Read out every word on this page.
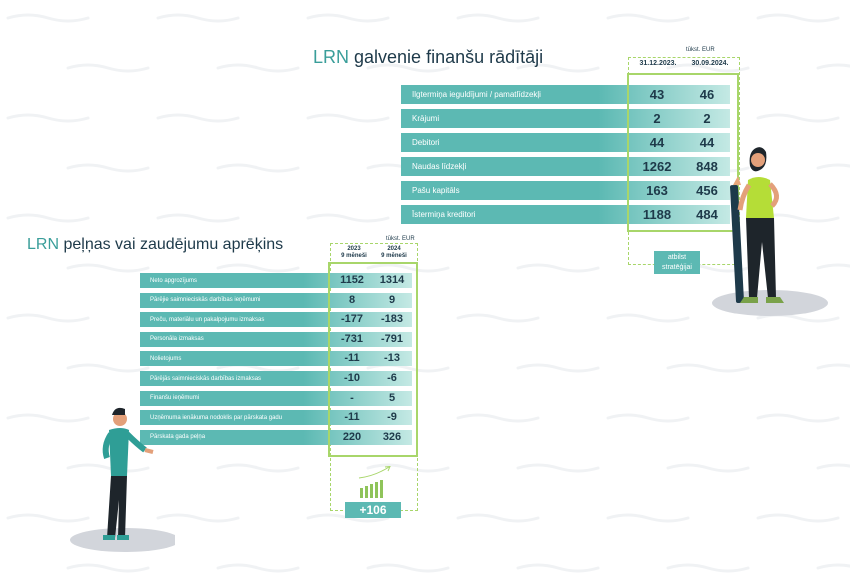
LRN galvenie finanšu rādītāji	tūkst. EUR
31.12.2023.	30.09.2024.
Ilgtermiņa ieguldījumi / pamatlīdzekļi	43	46
Krājumi	2	2
Debitori	44	44
Naudas līdzekļi	1262	848
Pašu kapitāls	163	456
Īstermiņa kreditori	1188	484
atbilst
stratēģijai
LRN peļņas vai zaudējumu aprēķins	tūkst. EUR
2023
9 mēneši
2024
9 mēneši
Neto apgrozījums	1152	1314
Pārējie saimnieciskās darbības ieņēmumi	8	9
Preču, materiālu un pakalpojumu izmaksas	-177	-183
Personāla izmaksas	-731	-791
Nolietojums	-11	-13
Pārējās saimnieciskās darbības izmaksas	-10	-6
Finanšu ieņēmumi	-	5
Uzņēmuma ienākuma nodoklis par pārskata gadu	-11	-9
Pārskata gada peļņa	220	326
+106
